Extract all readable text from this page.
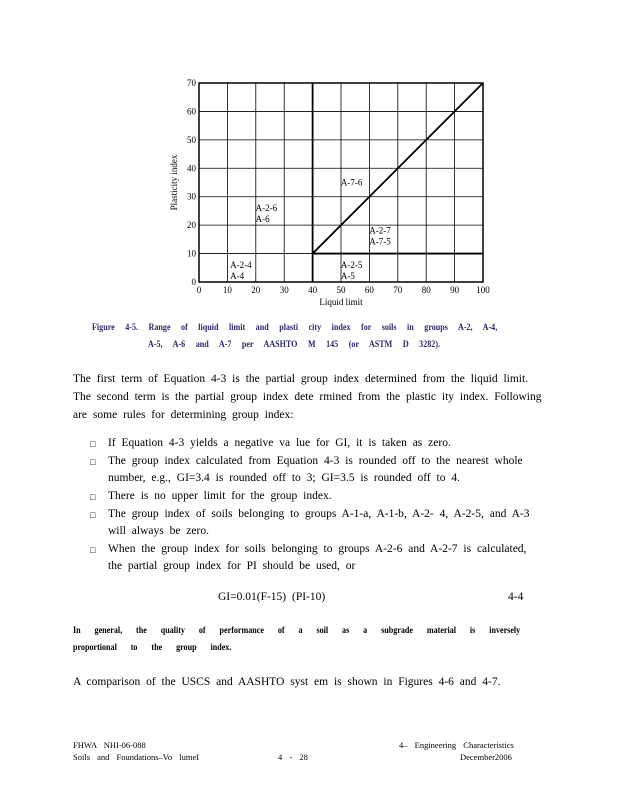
0 10 20 30 40 50 60 70 80 90 100
0
10
20
30
40
50
60
70
A-2-4
A-4
A-2-6
A-6
A-7-6
A-2-7
A-7-5
A-2-5
A-5
Liquid limit
Plasticity index
Figure 4-5. Range of liquid limit and plasti city index for soils in groups A-2, A-4,
A-5, A-6 and A-7 per AASHTO M 145 (or ASTM D 3282).
The first term of Equation 4-3 is the partial group index determined from the liquid limit.
The second term is the partial group index dete rmined from the plastic ity index. Following
are some rules for determining group index:
□ If Equation 4-3 yields a negative va lue for GI, it is taken as zero.
□ The group index calculated from Equation 4-3 is rounded off to the nearest whole
number, e.g., GI=3.4 is rounded off to 3; GI=3.5 is rounded off to 4.
□ There is no upper limit for the group index.
□ The group index of soils belonging to groups A-1-a, A-1-b, A-2- 4, A-2-5, and A-3
will always be zero.
□ When the group index for soils belonging to groups A-2-6 and A-2-7 is calculated,
the partial group index for PI should be used, or
GI=0.01(F-15) (PI-10)	4-4
In general, the quality of performance of a soil as a subgrade material is inversely
proportional to the group index.
A comparison of the USCS and AASHTO syst em is shown in Figures 4-6 and 4-7.
FHWA NHI-06-088
Soils and Foundations–Vo lumeI	4 - 28
4– Engineering Characteristics
December2006
